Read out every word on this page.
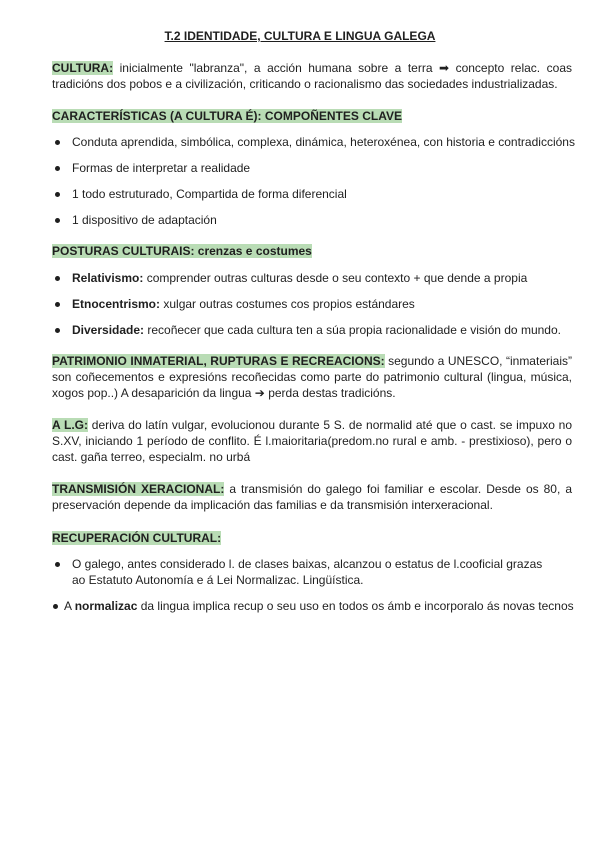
T.2 IDENTIDADE, CULTURA E LINGUA GALEGA
CULTURA: inicialmente "labranza", a acción humana sobre a terra ➡ concepto relac. coas tradicións dos pobos e a civilización, criticando o racionalismo das sociedades industrializadas.
CARACTERÍSTICAS (A CULTURA É): COMPOÑENTES CLAVE
Conduta aprendida, simbólica, complexa, dinámica, heteroxénea, con historia e contradiccións
Formas de interpretar a realidade
1 todo estruturado, Compartida de forma diferencial
1 dispositivo de adaptación
POSTURAS CULTURAIS: crenzas e costumes
Relativismo: comprender outras culturas desde o seu contexto + que dende a propia
Etnocentrismo: xulgar outras costumes cos propios estándares
Diversidade: recoñecer que cada cultura ten a súa propia racionalidade e visión do mundo.
PATRIMONIO INMATERIAL, RUPTURAS E RECREACIONS: segundo a UNESCO, “inmateriais” son coñecementos e expresións recoñecidas como parte do patrimonio cultural (lingua, música, xogos pop..) A desaparición da lingua ➔ perda destas tradicións.
A L.G: deriva do latín vulgar, evolucionou durante 5 S. de normalid até que o cast. se impuxo no S.XV, iniciando 1 período de conflito. É l.maioritaria(predom.no rural e amb. - prestixioso), pero o cast. gaña terreo, especialm. no urbá
TRANSMISIÓN XERACIONAL: a transmisión do galego foi familiar e escolar. Desde os 80, a preservación depende da implicación das familias e da transmisión interxeracional.
RECUPERACIÓN CULTURAL:
O galego, antes considerado l. de clases baixas, alcanzou o estatus de l.cooficial grazas
ao Estatuto Autonomía e á Lei Normalizac. Lingüística.
A normalizac da lingua implica recup o seu uso en todos os ámb e incorporalo ás novas tecnos
